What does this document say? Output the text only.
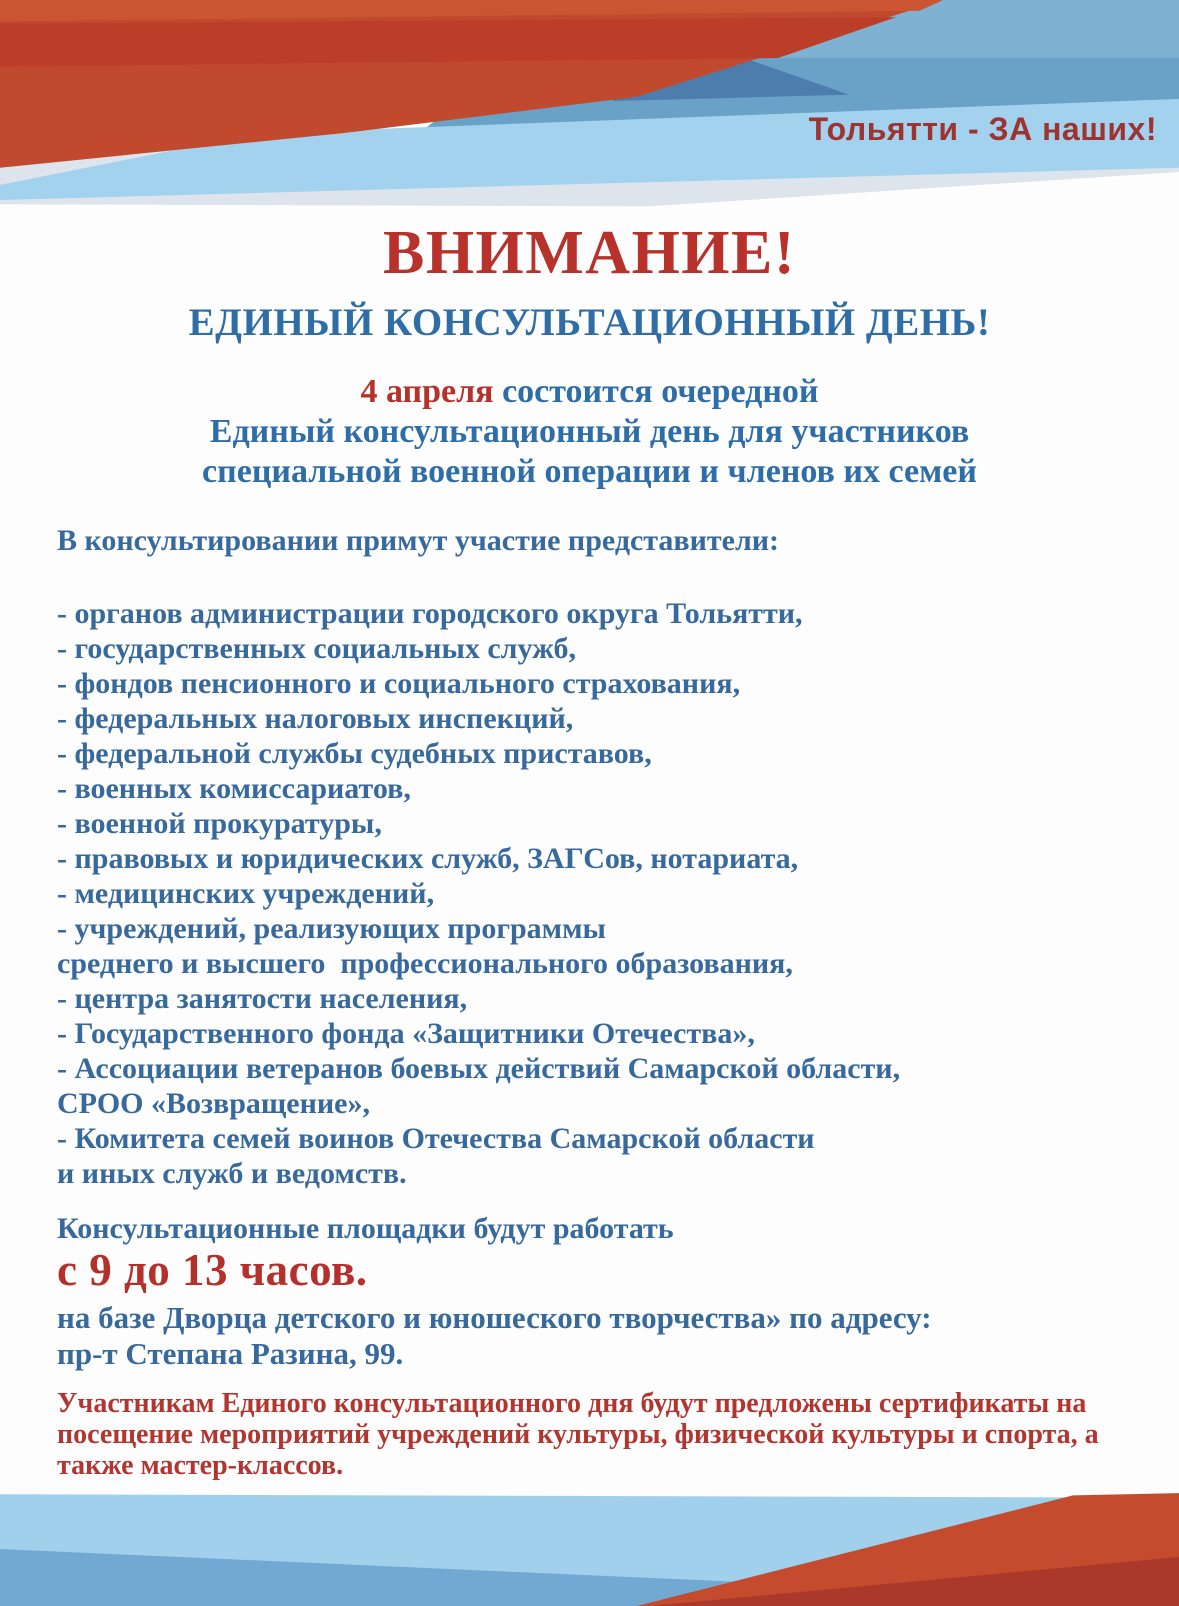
Тольятти - ЗА наших!
ВНИМАНИЕ!
ЕДИНЫЙ КОНСУЛЬТАЦИОННЫЙ ДЕНЬ!
4 апреля состоится очередной
Единый консультационный день для участников
специальной военной операции и членов их семей
В консультировании примут участие представители:
- органов администрации городского округа Тольятти,
- государственных социальных служб,
- фондов пенсионного и социального страхования,
- федеральных налоговых инспекций,
- федеральной службы судебных приставов,
- военных комиссариатов,
- военной прокуратуры,
- правовых и юридических служб, ЗАГСов, нотариата,
- медицинских учреждений,
- учреждений, реализующих программы
среднего и высшего  профессионального образования,
- центра занятости населения,
- Государственного фонда «Защитники Отечества»,
- Ассоциации ветеранов боевых действий Самарской области,
СРОО «Возвращение»,
- Комитета семей воинов Отечества Самарской области
и иных служб и ведомств.
Консультационные площадки будут работать
с 9 до 13 часов.
на базе Дворца детского и юношеского творчества» по адресу:
пр-т Степана Разина, 99.
Участникам Единого консультационного дня будут предложены сертификаты на посещение мероприятий учреждений культуры, физической культуры и спорта, а также мастер-классов.
